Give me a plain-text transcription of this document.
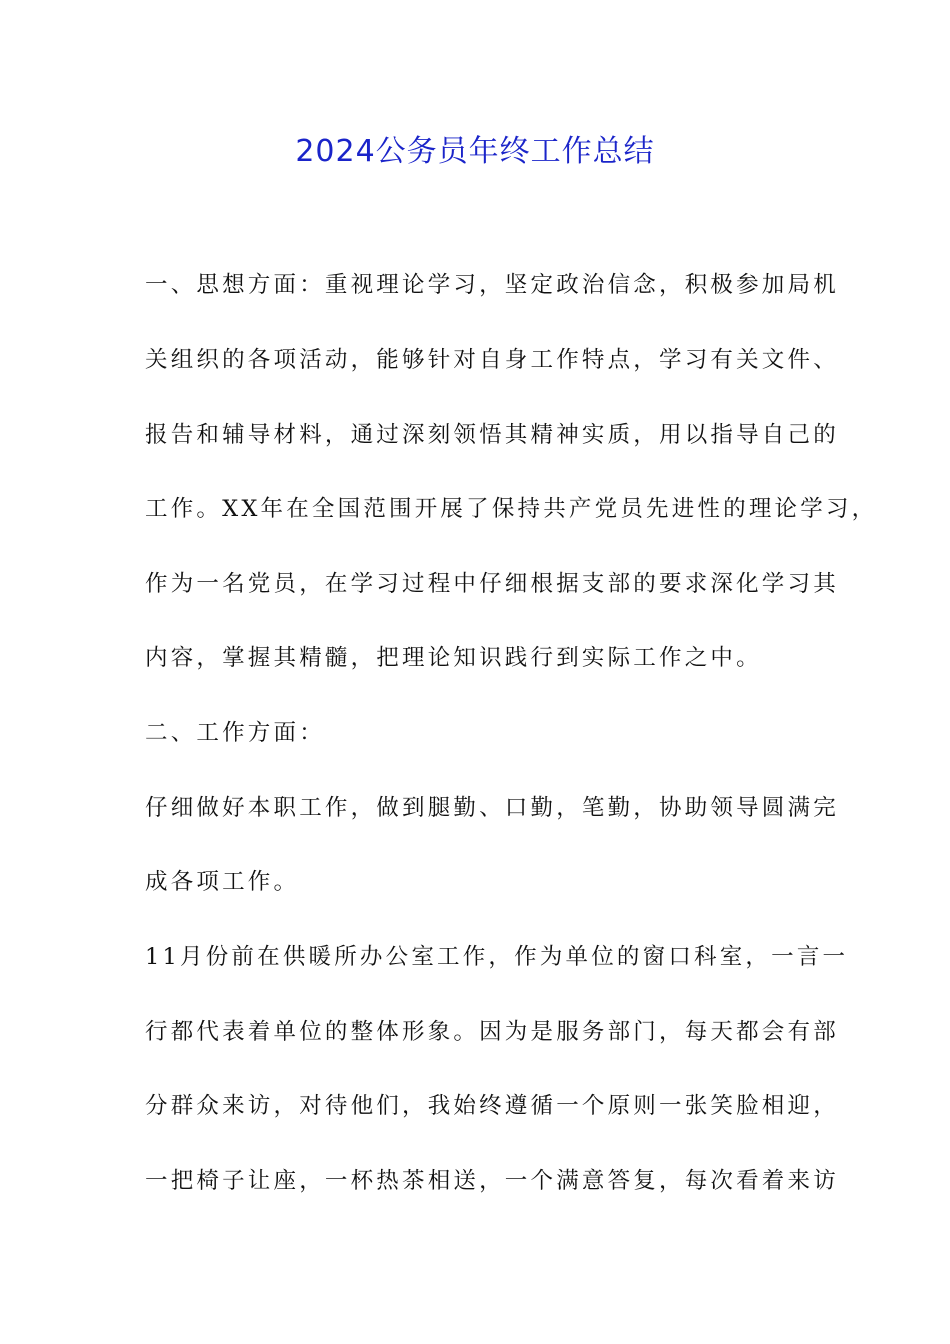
2024公务员年终工作总结
一、思想方面：重视理论学习，坚定政治信念，积极参加局机
关组织的各项活动，能够针对自身工作特点，学习有关文件、
报告和辅导材料，通过深刻领悟其精神实质，用以指导自己的
工作。XX年在全国范围开展了保持共产党员先进性的理论学习，
作为一名党员，在学习过程中仔细根据支部的要求深化学习其
内容，掌握其精髓，把理论知识践行到实际工作之中。
二、工作方面：
仔细做好本职工作，做到腿勤、口勤，笔勤，协助领导圆满完
成各项工作。
11月份前在供暖所办公室工作，作为单位的窗口科室，一言一
行都代表着单位的整体形象。因为是服务部门，每天都会有部
分群众来访，对待他们，我始终遵循一个原则一张笑脸相迎，
一把椅子让座，一杯热茶相送，一个满意答复，每次看着来访
